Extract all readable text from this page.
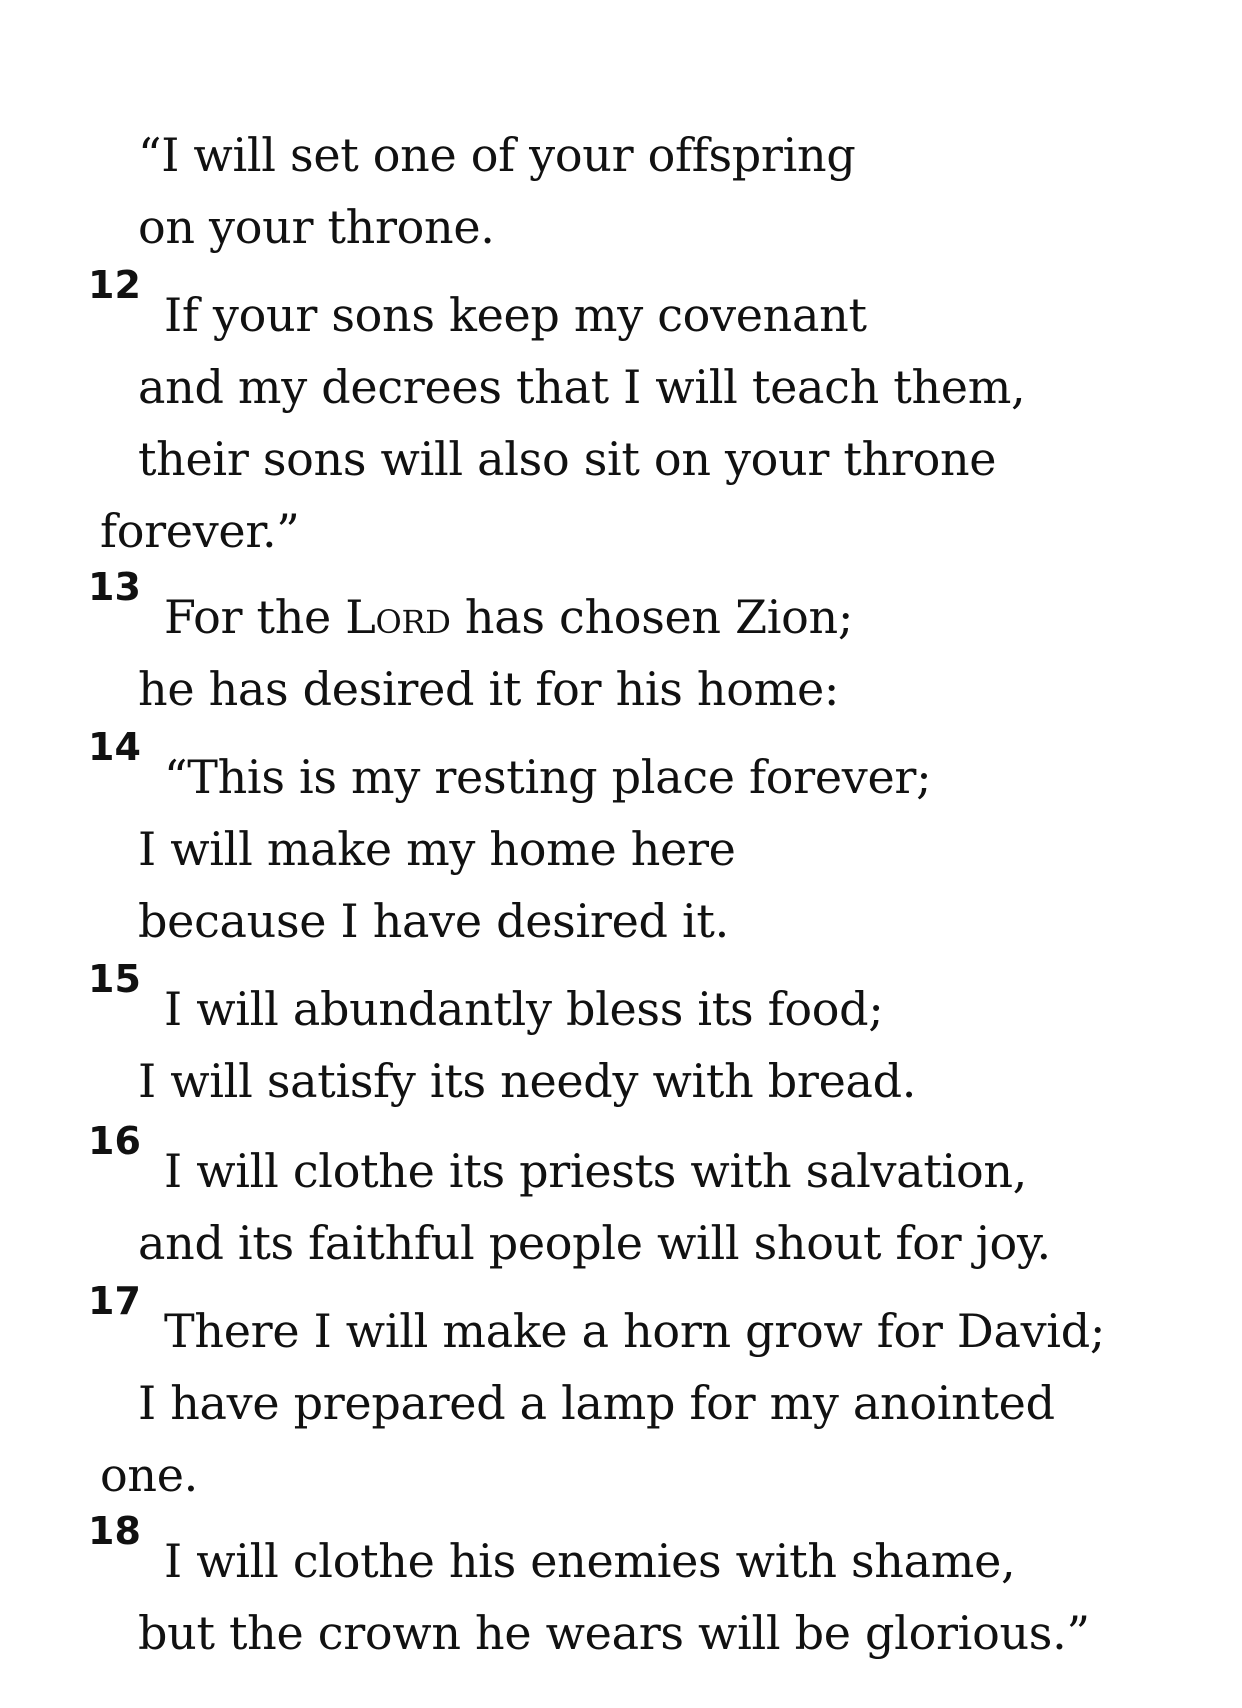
“I will set one of your offspring
on your throne.
12
If your sons keep my covenant
and my decrees that I will teach them,
their sons will also sit on your throne
forever.”
13
For the Lord has chosen Zion;
he has desired it for his home:
14
“This is my resting place forever;
I will make my home here
because I have desired it.
15
I will abundantly bless its food;
I will satisfy its needy with bread.
16
I will clothe its priests with salvation,
and its faithful people will shout for joy.
17
There I will make a horn grow for David;
I have prepared a lamp for my anointed
one.
18
I will clothe his enemies with shame,
but the crown he wears will be glorious.”
